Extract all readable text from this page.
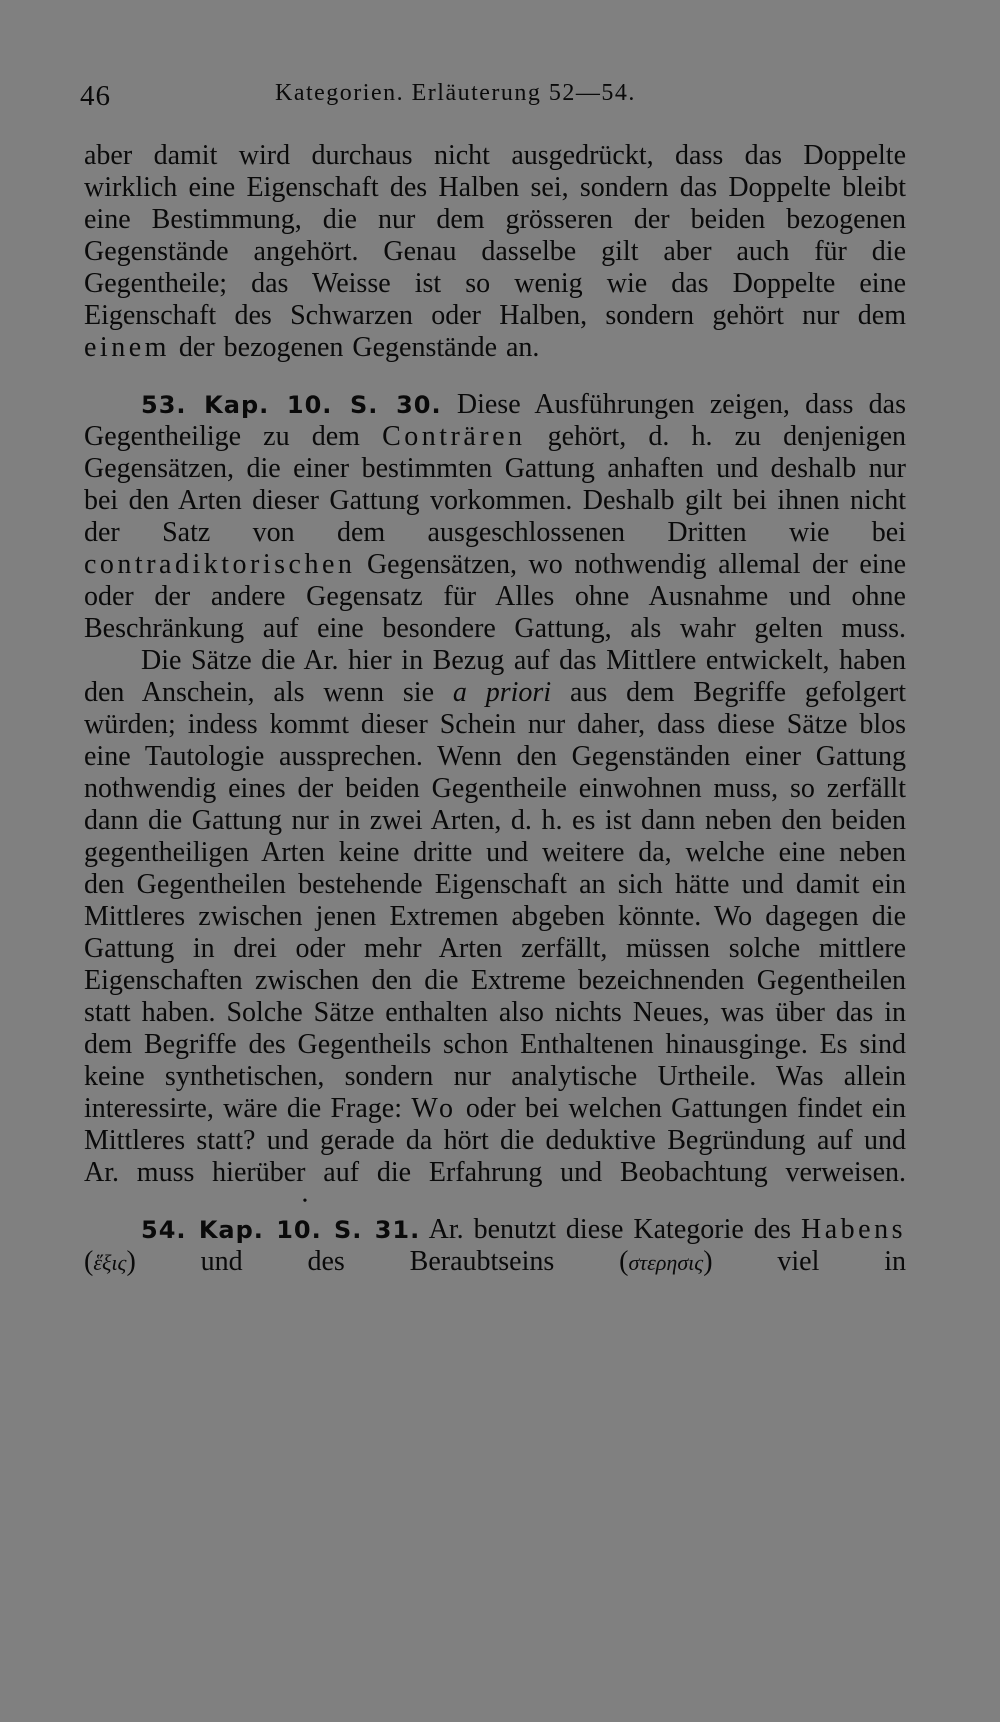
46	Kategorien. Erläuterung 52—54.

aber damit wird durchaus nicht ausgedrückt, dass das Doppelte wirklich eine Eigenschaft des Halben sei, sondern das Doppelte bleibt eine Bestimmung, die nur dem grösseren der beiden bezogenen Gegenstände angehört. Genau dasselbe gilt aber auch für die Gegentheile; das Weisse ist so wenig wie das Doppelte eine Eigenschaft des Schwarzen oder Halben, sondern gehört nur dem einem der bezogenen Gegenstände an.

53. Kap. 10. S. 30. Diese Ausführungen zeigen, dass das Gegentheilige zu dem Conträren gehört, d. h. zu denjenigen Gegensätzen, die einer bestimmten Gattung anhaften und deshalb nur bei den Arten dieser Gattung vorkommen. Deshalb gilt bei ihnen nicht der Satz von dem ausgeschlossenen Dritten wie bei contradiktorischen Gegensätzen, wo nothwendig allemal der eine oder der andere Gegensatz für Alles ohne Ausnahme und ohne Beschränkung auf eine besondere Gattung, als wahr gelten muss.

Die Sätze die Ar. hier in Bezug auf das Mittlere entwickelt, haben den Anschein, als wenn sie a priori aus dem Begriffe gefolgert würden; indess kommt dieser Schein nur daher, dass diese Sätze blos eine Tautologie aussprechen. Wenn den Gegenständen einer Gattung nothwendig eines der beiden Gegentheile einwohnen muss, so zerfällt dann die Gattung nur in zwei Arten, d. h. es ist dann neben den beiden gegentheiligen Arten keine dritte und weitere da, welche eine neben den Gegentheilen bestehende Eigenschaft an sich hätte und damit ein Mittleres zwischen jenen Extremen abgeben könnte. Wo dagegen die Gattung in drei oder mehr Arten zerfällt, müssen solche mittlere Eigenschaften zwischen den die Extreme bezeichnenden Gegentheilen statt haben. Solche Sätze enthalten also nichts Neues, was über das in dem Begriffe des Gegentheils schon Enthaltenen hinausginge. Es sind keine synthetischen, sondern nur analytische Urtheile. Was allein interessirte, wäre die Frage: Wo oder bei welchen Gattungen findet ein Mittleres statt? und gerade da hört die deduktive Begründung auf und Ar. muss hierüber auf die Erfahrung und Beobachtung verweisen.

•

54. Kap. 10. S. 31. Ar. benutzt diese Kategorie des Habens (ἕξις) und des Beraubtseins (στερησις) viel in
